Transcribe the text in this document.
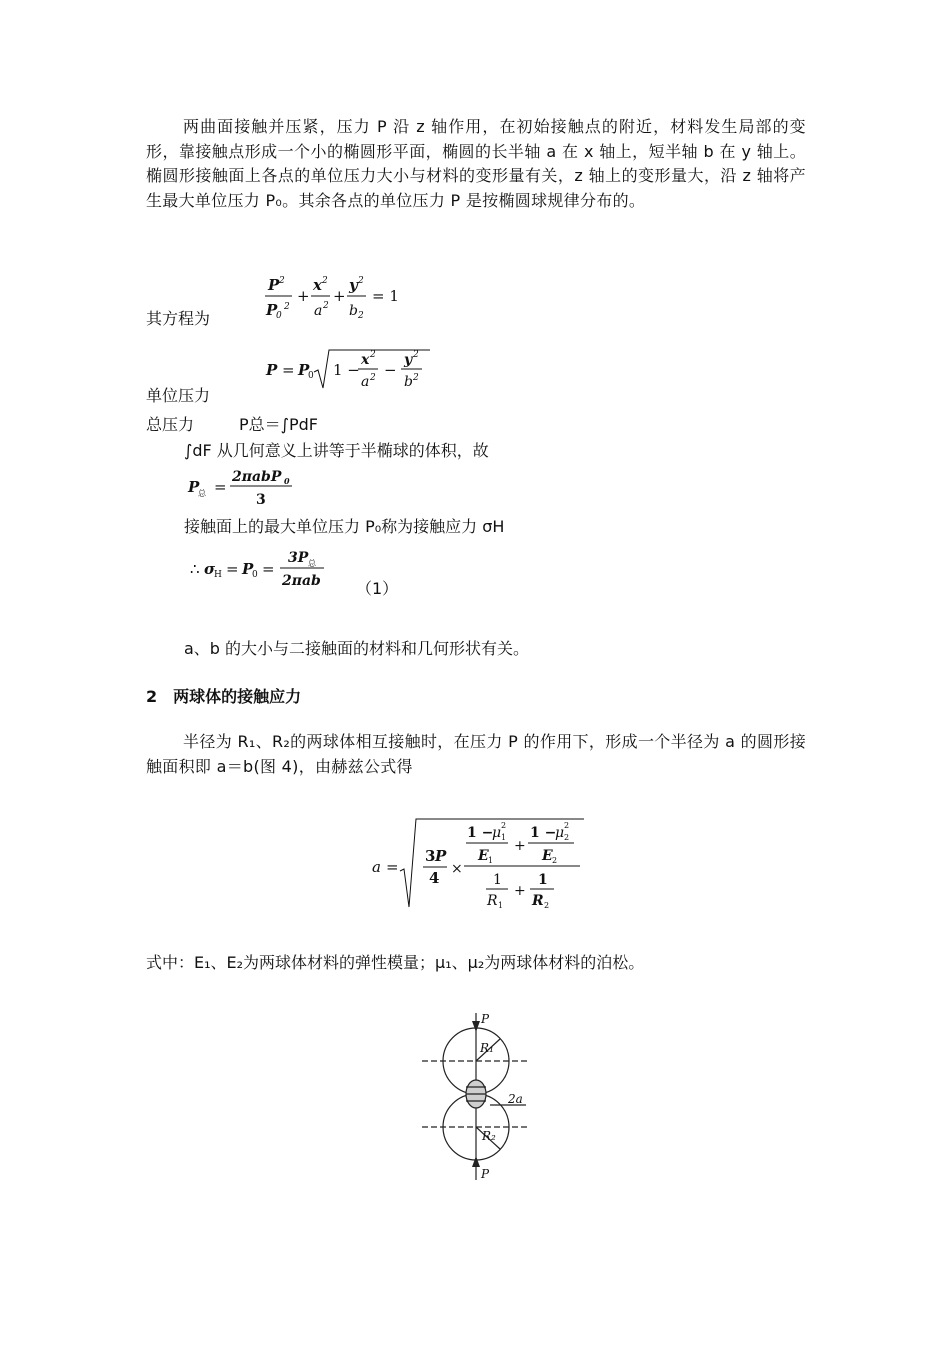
两曲面接触并压紧，压力 P 沿 z 轴作用，在初始接触点的附近，材料发生局部的变形，靠接触点形成一个小的椭圆形平面，椭圆的长半轴 a 在 x 轴上，短半轴 b 在 y 轴上。椭圆形接触面上各点的单位压力大小与材料的变形量有关，z 轴上的变形量大，沿 z 轴将产生最大单位压力 P₀。其余各点的单位压力 P 是按椭圆球规律分布的。
P 2
P
0
2
+
x 2
a 2
+
y 2
b 2
= 1
其方程为
P = P
0 1 −
x 2
a 2 −
y 2
b 2
单位压力
总压力	P总＝∫PdF
∫dF 从几何意义上讲等于半椭球的体积，故
P
总 =
2πabP 0
3
接触面上的最大单位压力 P₀称为接触应力 σH
∴ σ
H = P
0 =
3P 总
2πab （1）
a、b 的大小与二接触面的材料和几何形状有关。
2　两球体的接触应力
半径为 R₁、R₂的两球体相互接触时，在压力 P 的作用下，形成一个半径为 a 的圆形接触面积即 a＝b(图 4)，由赫兹公式得
a =
3 P
4 ×
1 −
μ 2
1
E 1
+
1 −
μ 2
2
E 2
1
R 1
+
1
R 2
式中：E₁、E₂为两球体材料的弹性模量；μ₁、μ₂为两球体材料的泊松。
P
P
R₁
R₂
2a
